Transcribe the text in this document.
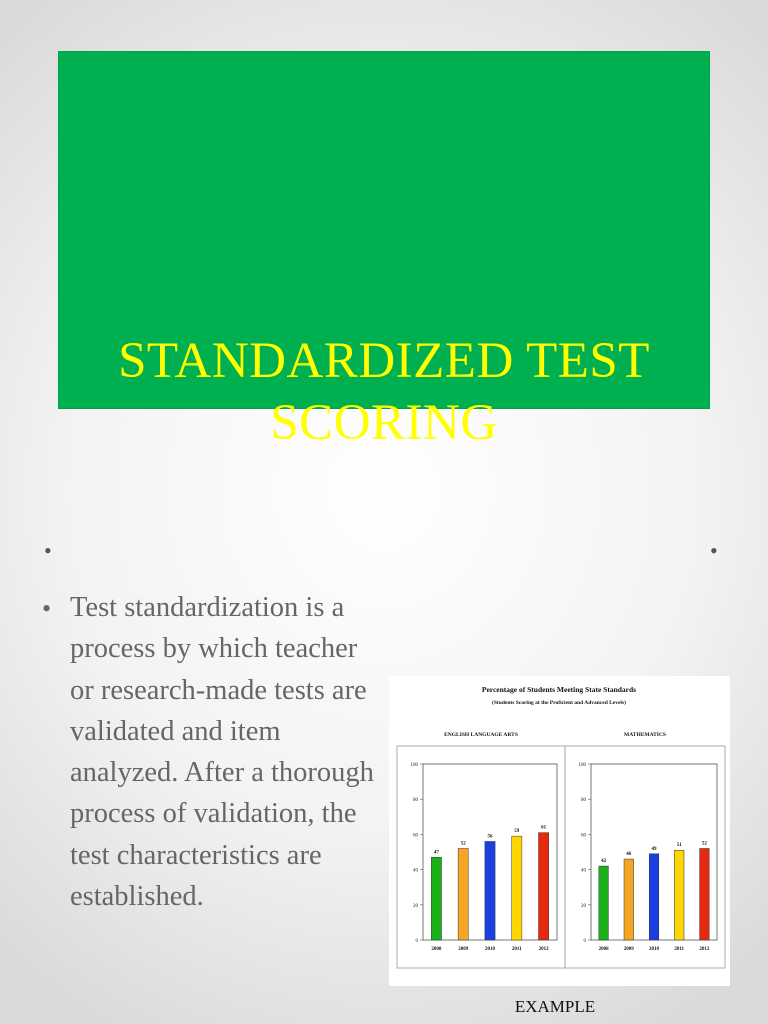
STANDARDIZED TEST
SCORING
•	•
• Test standardization is a process by which teacher or research-made tests are validated and item analyzed. After a thorough process of validation, the test characteristics are established.
Percentage of Students Meeting State Standards
(Students Scoring at the Proficient and Advanced Levels)
ENGLISH LANGUAGE ARTS	MATHEMATICS
0
20
40
60
80
100
47
2008
52
2009
56
2010
59
2011
61
2012
0
20
40
60
80
100
42
2008
46
2009
49
2010
51
2011
52
2012
EXAMPLE
